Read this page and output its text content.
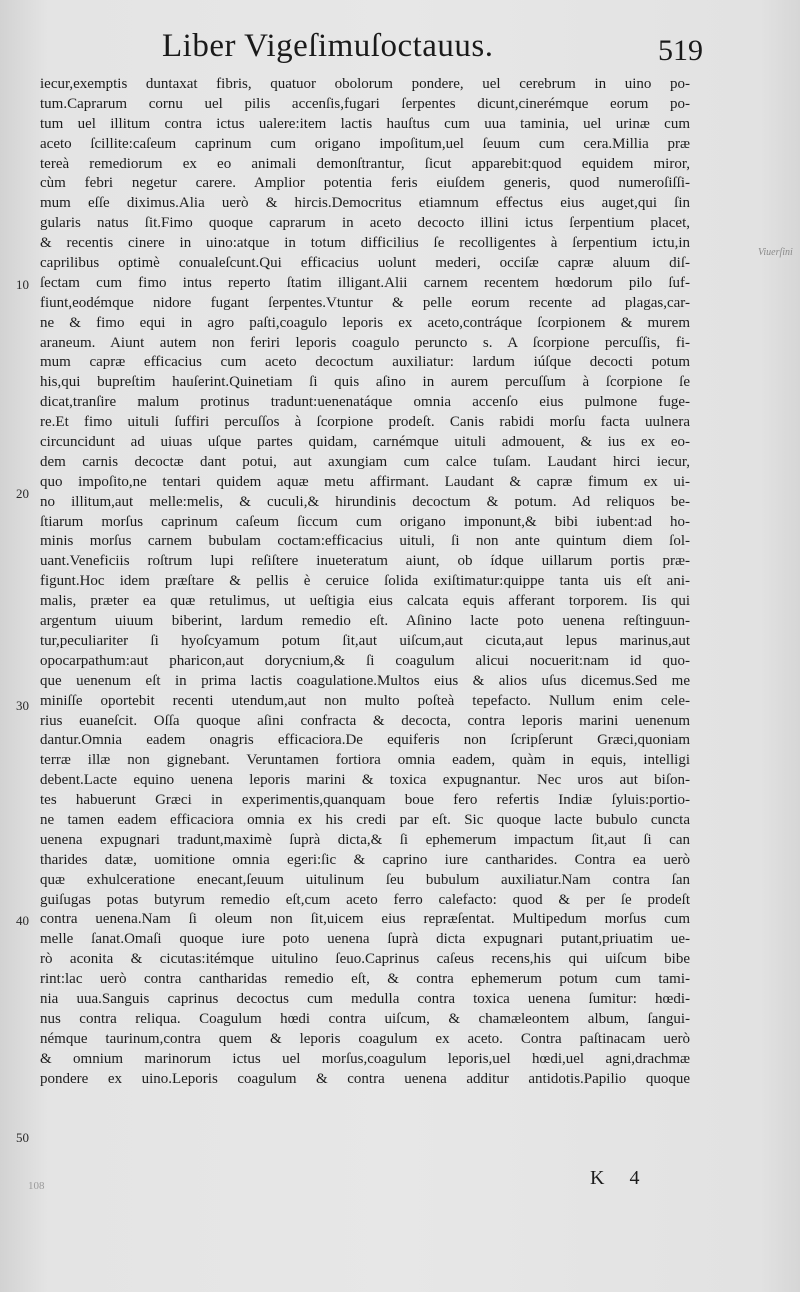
Liber Vigeſimuſoctauus.	519
Viuerſini
10
20
30
40
50
iecur,exemptis duntaxat fibris, quatuor obolorum pondere, uel cerebrum in uino po-
tum.Caprarum cornu uel pilis accenſis,fugari ſerpentes dicunt,cinerémque eorum po-
tum uel illitum contra ictus ualere:item lactis hauſtus cum uua taminia, uel urinæ cum
aceto ſcillite:caſeum caprinum cum origano impoſitum,uel ſeuum cum cera.Millia præ
tereà remediorum ex eo animali demonſtrantur, ſicut apparebit:quod equidem miror,
cùm febri negetur carere. Amplior potentia feris eiuſdem generis, quod numeroſiſſi-
mum eſſe diximus.Alia uerò & hircis.Democritus etiamnum effectus eius auget,qui ſin
gularis natus ſit.Fimo quoque caprarum in aceto decocto illini ictus ſerpentium placet,
& recentis cinere in uino:atque in totum difficilius ſe recolligentes à ſerpentium ictu,in
caprilibus optimè conualeſcunt.Qui efficacius uolunt mederi, occiſæ capræ aluum diſ-
ſectam cum fimo intus reperto ſtatim illigant.Alii carnem recentem hœdorum pilo ſuf-
fiunt,eodémque nidore fugant ſerpentes.Vtuntur & pelle eorum recente ad plagas,car-
ne & fimo equi in agro paſti,coagulo leporis ex aceto,contráque ſcorpionem & murem
araneum. Aiunt autem non feriri leporis coagulo peruncto s. A ſcorpione percuſſis, fi-
mum capræ efficacius cum aceto decoctum auxiliatur: lardum iúſque decocti potum
his,qui bupreſtim hauſerint.Quinetiam ſi quis aſino in aurem percuſſum à ſcorpione ſe
dicat,tranſire malum protinus tradunt:uenenatáque omnia accenſo eius pulmone fuge-
re.Et fimo uituli ſuffiri percuſſos à ſcorpione prodeſt. Canis rabidi morſu facta uulnera
circuncidunt ad uiuas uſque partes quidam, carnémque uituli admouent, & ius ex eo-
dem carnis decoctæ dant potui, aut axungiam cum calce tuſam. Laudant hirci iecur,
quo impoſito,ne tentari quidem aquæ metu affirmant. Laudant & capræ fimum ex ui-
no illitum,aut melle:melis, & cuculi,& hirundinis decoctum & potum. Ad reliquos be-
ſtiarum morſus caprinum caſeum ſiccum cum origano imponunt,& bibi iubent:ad ho-
minis morſus carnem bubulam coctam:efficacius uituli, ſi non ante quintum diem ſol-
uant.Veneficiis roſtrum lupi reſiſtere inueteratum aiunt, ob ídque uillarum portis præ-
figunt.Hoc idem præſtare & pellis è ceruice ſolida exiſtimatur:quippe tanta uis eſt ani-
malis, præter ea quæ retulimus, ut ueſtigia eius calcata equis afferant torporem. Iis qui
argentum uiuum biberint, lardum remedio eſt. Aſinino lacte poto uenena reſtinguun-
tur,peculiariter ſi hyoſcyamum potum ſit,aut uiſcum,aut cicuta,aut lepus marinus,aut
opocarpathum:aut pharicon,aut dorycnium,& ſi coagulum alicui nocuerit:nam id quo-
que uenenum eſt in prima lactis coagulatione.Multos eius & alios uſus dicemus.Sed me
miniſſe oportebit recenti utendum,aut non multo poſteà tepefacto. Nullum enim cele-
rius euaneſcit. Oſſa quoque aſini confracta & decocta, contra leporis marini uenenum
dantur.Omnia eadem onagris efficaciora.De equiferis non ſcripſerunt Græci,quoniam
terræ illæ non gignebant. Veruntamen fortiora omnia eadem, quàm in equis, intelligi
debent.Lacte equino uenena leporis marini & toxica expugnantur. Nec uros aut biſon-
tes habuerunt Græci in experimentis,quanquam boue fero refertis Indiæ ſyluis:portio-
ne tamen eadem efficaciora omnia ex his credi par eſt. Sic quoque lacte bubulo cuncta
uenena expugnari tradunt,maximè ſuprà dicta,& ſi ephemerum impactum ſit,aut ſi can
tharides datæ, uomitione omnia egeri:ſic & caprino iure cantharides. Contra ea uerò
quæ exhulceratione enecant,ſeuum uitulinum ſeu bubulum auxiliatur.Nam contra ſan
guiſugas potas butyrum remedio eſt,cum aceto ferro calefacto: quod & per ſe prodeſt
contra uenena.Nam ſi oleum non ſit,uicem eius repræſentat. Multipedum morſus cum
melle ſanat.Omaſi quoque iure poto uenena ſuprà dicta expugnari putant,priuatim ue-
rò aconita & cicutas:itémque uitulino ſeuo.Caprinus caſeus recens,his qui uiſcum bibe
rint:lac uerò contra cantharidas remedio eſt, & contra ephemerum potum cum tami-
nia uua.Sanguis caprinus decoctus cum medulla contra toxica uenena ſumitur: hœdi-
nus contra reliqua. Coagulum hœdi contra uiſcum, & chamæleontem album, ſangui-
némque taurinum,contra quem & leporis coagulum ex aceto. Contra paſtinacam uerò
& omnium marinorum ictus uel morſus,coagulum leporis,uel hœdi,uel agni,drachmæ
pondere ex uino.Leporis coagulum & contra uenena additur antidotis.Papilio quoque
K 4
108
